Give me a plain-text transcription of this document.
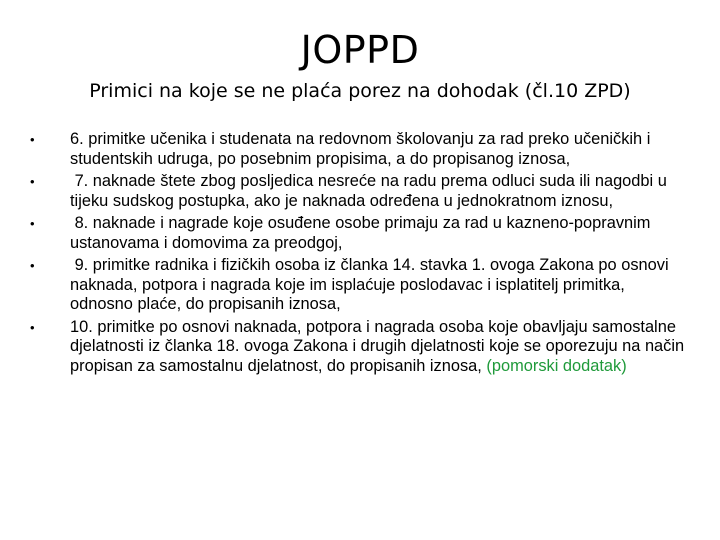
JOPPD
Primici na koje se ne plaća porez na dohodak (čl.10 ZPD)
• 6. primitke učenika i studenata na redovnom školovanju za rad preko učeničkih i studentskih udruga, po posebnim propisima, a do propisanog iznosa,
• 7. naknade štete zbog posljedica nesreće na radu prema odluci suda ili nagodbi u tijeku sudskog postupka, ako je naknada određena u jednokratnom iznosu,
• 8. naknade i nagrade koje osuđene osobe primaju za rad u kazneno-popravnim ustanovama i domovima za preodgoj,
• 9. primitke radnika i fizičkih osoba iz članka 14. stavka 1. ovoga Zakona po osnovi naknada, potpora i nagrada koje im isplaćuje poslodavac i isplatitelj primitka, odnosno plaće, do propisanih iznosa,
• 10. primitke po osnovi naknada, potpora i nagrada osoba koje obavljaju samostalne djelatnosti iz članka 18. ovoga Zakona i drugih djelatnosti koje se oporezuju na način propisan za samostalnu djelatnost, do propisanih iznosa, (pomorski dodatak)
